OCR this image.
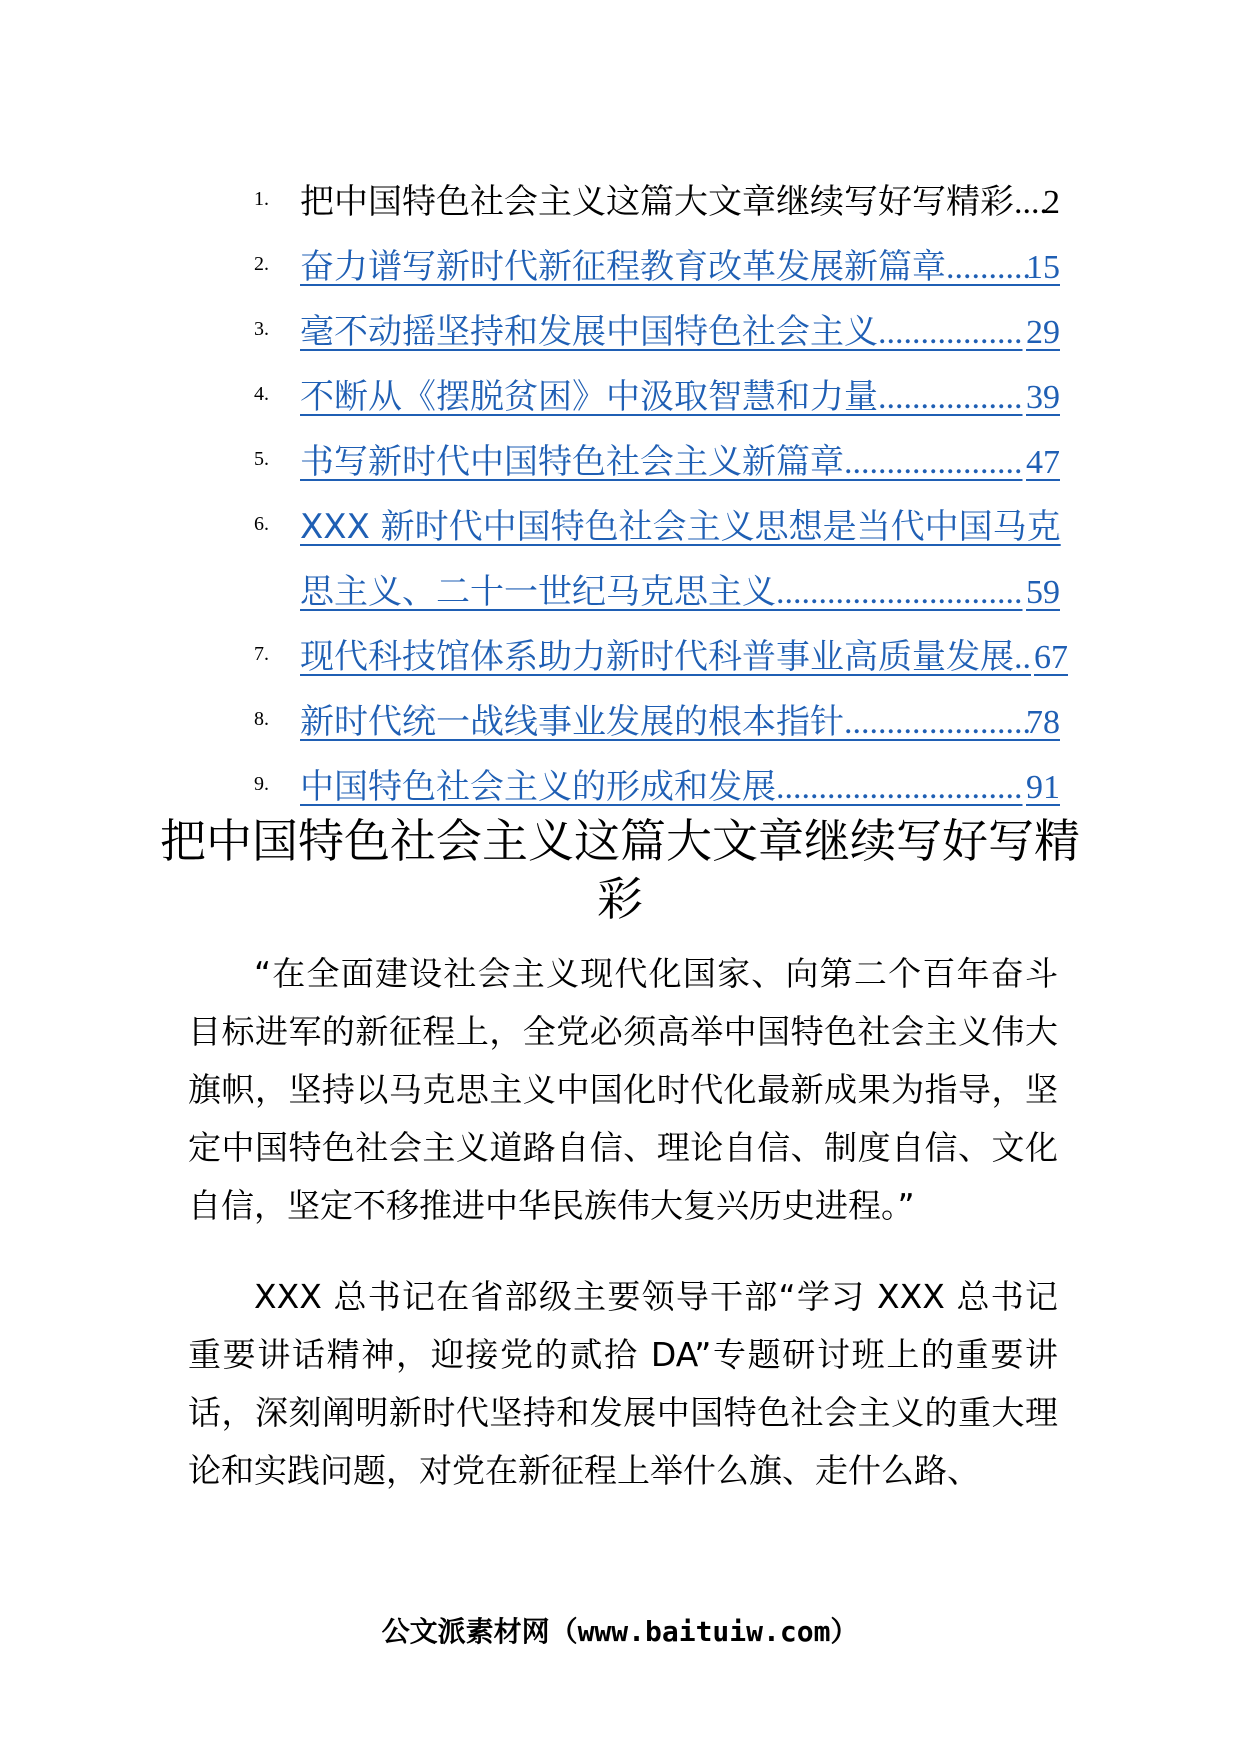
1. 把中国特色社会主义这篇大文章继续写好写精彩 ....
2
2. 奋力谱写新时代新征程教育改革发展新篇章 ..........
15
3. 毫不动摇坚持和发展中国特色社会主义 ................. 29
4. 不断从《摆脱贫困》中汲取智慧和力量 ................. 39
5. 书写新时代中国特色社会主义新篇章 ..................... 47
6. XXX 新时代中国特色社会主义思想是当代中国马克
思主义、二十一世纪马克思主义 ............................. 59
7. 现代科技馆体系助力新时代科普事业高质量发展 .. 67
8. 新时代统一战线事业发展的根本指针 ......................
78
9. 中国特色社会主义的形成和发展 ............................. 91
把中国特色社会主义这篇大文章继续写好写精彩

“在全面建设社会主义现代化国家、向第二个百年奋斗目标进军的新征程上，全党必须高举中国特色社会主义伟大旗帜，坚持以马克思主义中国化时代化最新成果为指导，坚定中国特色社会主义道路自信、理论自信、制度自信、文化自信，坚定不移推进中华民族伟大复兴历史进程。”

XXX 总书记在省部级主要领导干部“学习 XXX 总书记重要讲话精神，迎接党的贰拾 DA”专题研讨班上的重要讲话，深刻阐明新时代坚持和发展中国特色社会主义的重大理论和实践问题，对党在新征程上举什么旗、走什么路、

公文派素材网（www.baituiw.com）
